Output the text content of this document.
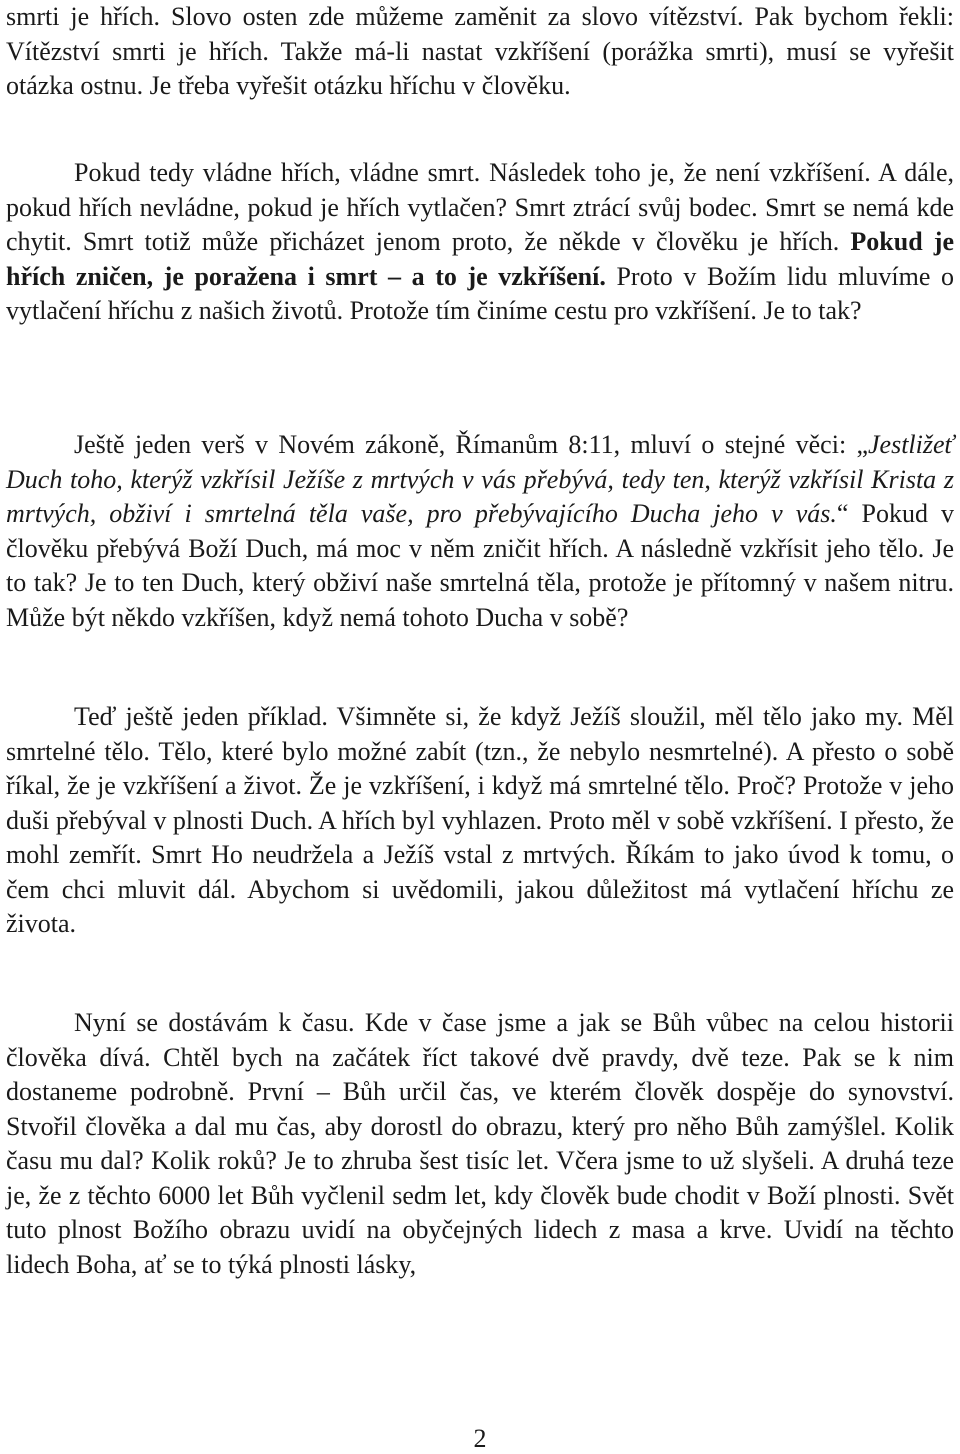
smrti je hřích. Slovo osten zde můžeme zaměnit za slovo vítězství. Pak bychom řekli: Vítězství smrti je hřích. Takže má-li nastat vzkříšení (porážka smrti), musí se vyřešit otázka ostnu. Je třeba vyřešit otázku hříchu v člověku.

Pokud tedy vládne hřích, vládne smrt. Následek toho je, že není vzkříšení. A dále, pokud hřích nevládne, pokud je hřích vytlačen? Smrt ztrácí svůj bodec. Smrt se nemá kde chytit. Smrt totiž může přicházet jenom proto, že někde v člověku je hřích. Pokud je hřích zničen, je poražena i smrt – a to je vzkříšení. Proto v Božím lidu mluvíme o vytlačení hříchu z našich životů. Protože tím činíme cestu pro vzkříšení. Je to tak?

Ještě jeden verš v Novém zákoně, Římanům 8:11, mluví o stejné věci: „Jestližeť Duch toho, kterýž vzkřísil Ježíše z mrtvých v vás přebývá, tedy ten, kterýž vzkřísil Krista z mrtvých, obživí i smrtelná těla vaše, pro přebývajícího Ducha jeho v vás.“ Pokud v člověku přebývá Boží Duch, má moc v něm zničit hřích. A následně vzkřísit jeho tělo. Je to tak? Je to ten Duch, který obživí naše smrtelná těla, protože je přítomný v našem nitru. Může být někdo vzkříšen, když nemá tohoto Ducha v sobě?

Teď ještě jeden příklad. Všimněte si, že když Ježíš sloužil, měl tělo jako my. Měl smrtelné tělo. Tělo, které bylo možné zabít (tzn., že nebylo nesmrtelné). A přesto o sobě říkal, že je vzkříšení a život. Že je vzkříšení, i když má smrtelné tělo. Proč? Protože v jeho duši přebýval v plnosti Duch. A hřích byl vyhlazen. Proto měl v sobě vzkříšení. I přesto, že mohl zemřít. Smrt Ho neudržela a Ježíš vstal z mrtvých. Říkám to jako úvod k tomu, o čem chci mluvit dál. Abychom si uvědomili, jakou důležitost má vytlačení hříchu ze života.

Nyní se dostávám k času. Kde v čase jsme a jak se Bůh vůbec na celou historii člověka dívá. Chtěl bych na začátek říct takové dvě pravdy, dvě teze. Pak se k nim dostaneme podrobně. První – Bůh určil čas, ve kterém člověk dospěje do synovství. Stvořil člověka a dal mu čas, aby dorostl do obrazu, který pro něho Bůh zamýšlel. Kolik času mu dal? Kolik roků? Je to zhruba šest tisíc let. Včera jsme to už slyšeli. A druhá teze je, že z těchto 6000 let Bůh vyčlenil sedm let, kdy člověk bude chodit v Boží plnosti. Svět tuto plnost Božího obrazu uvidí na obyčejných lidech z masa a krve. Uvidí na těchto lidech Boha, ať se to týká plnosti lásky,

2
